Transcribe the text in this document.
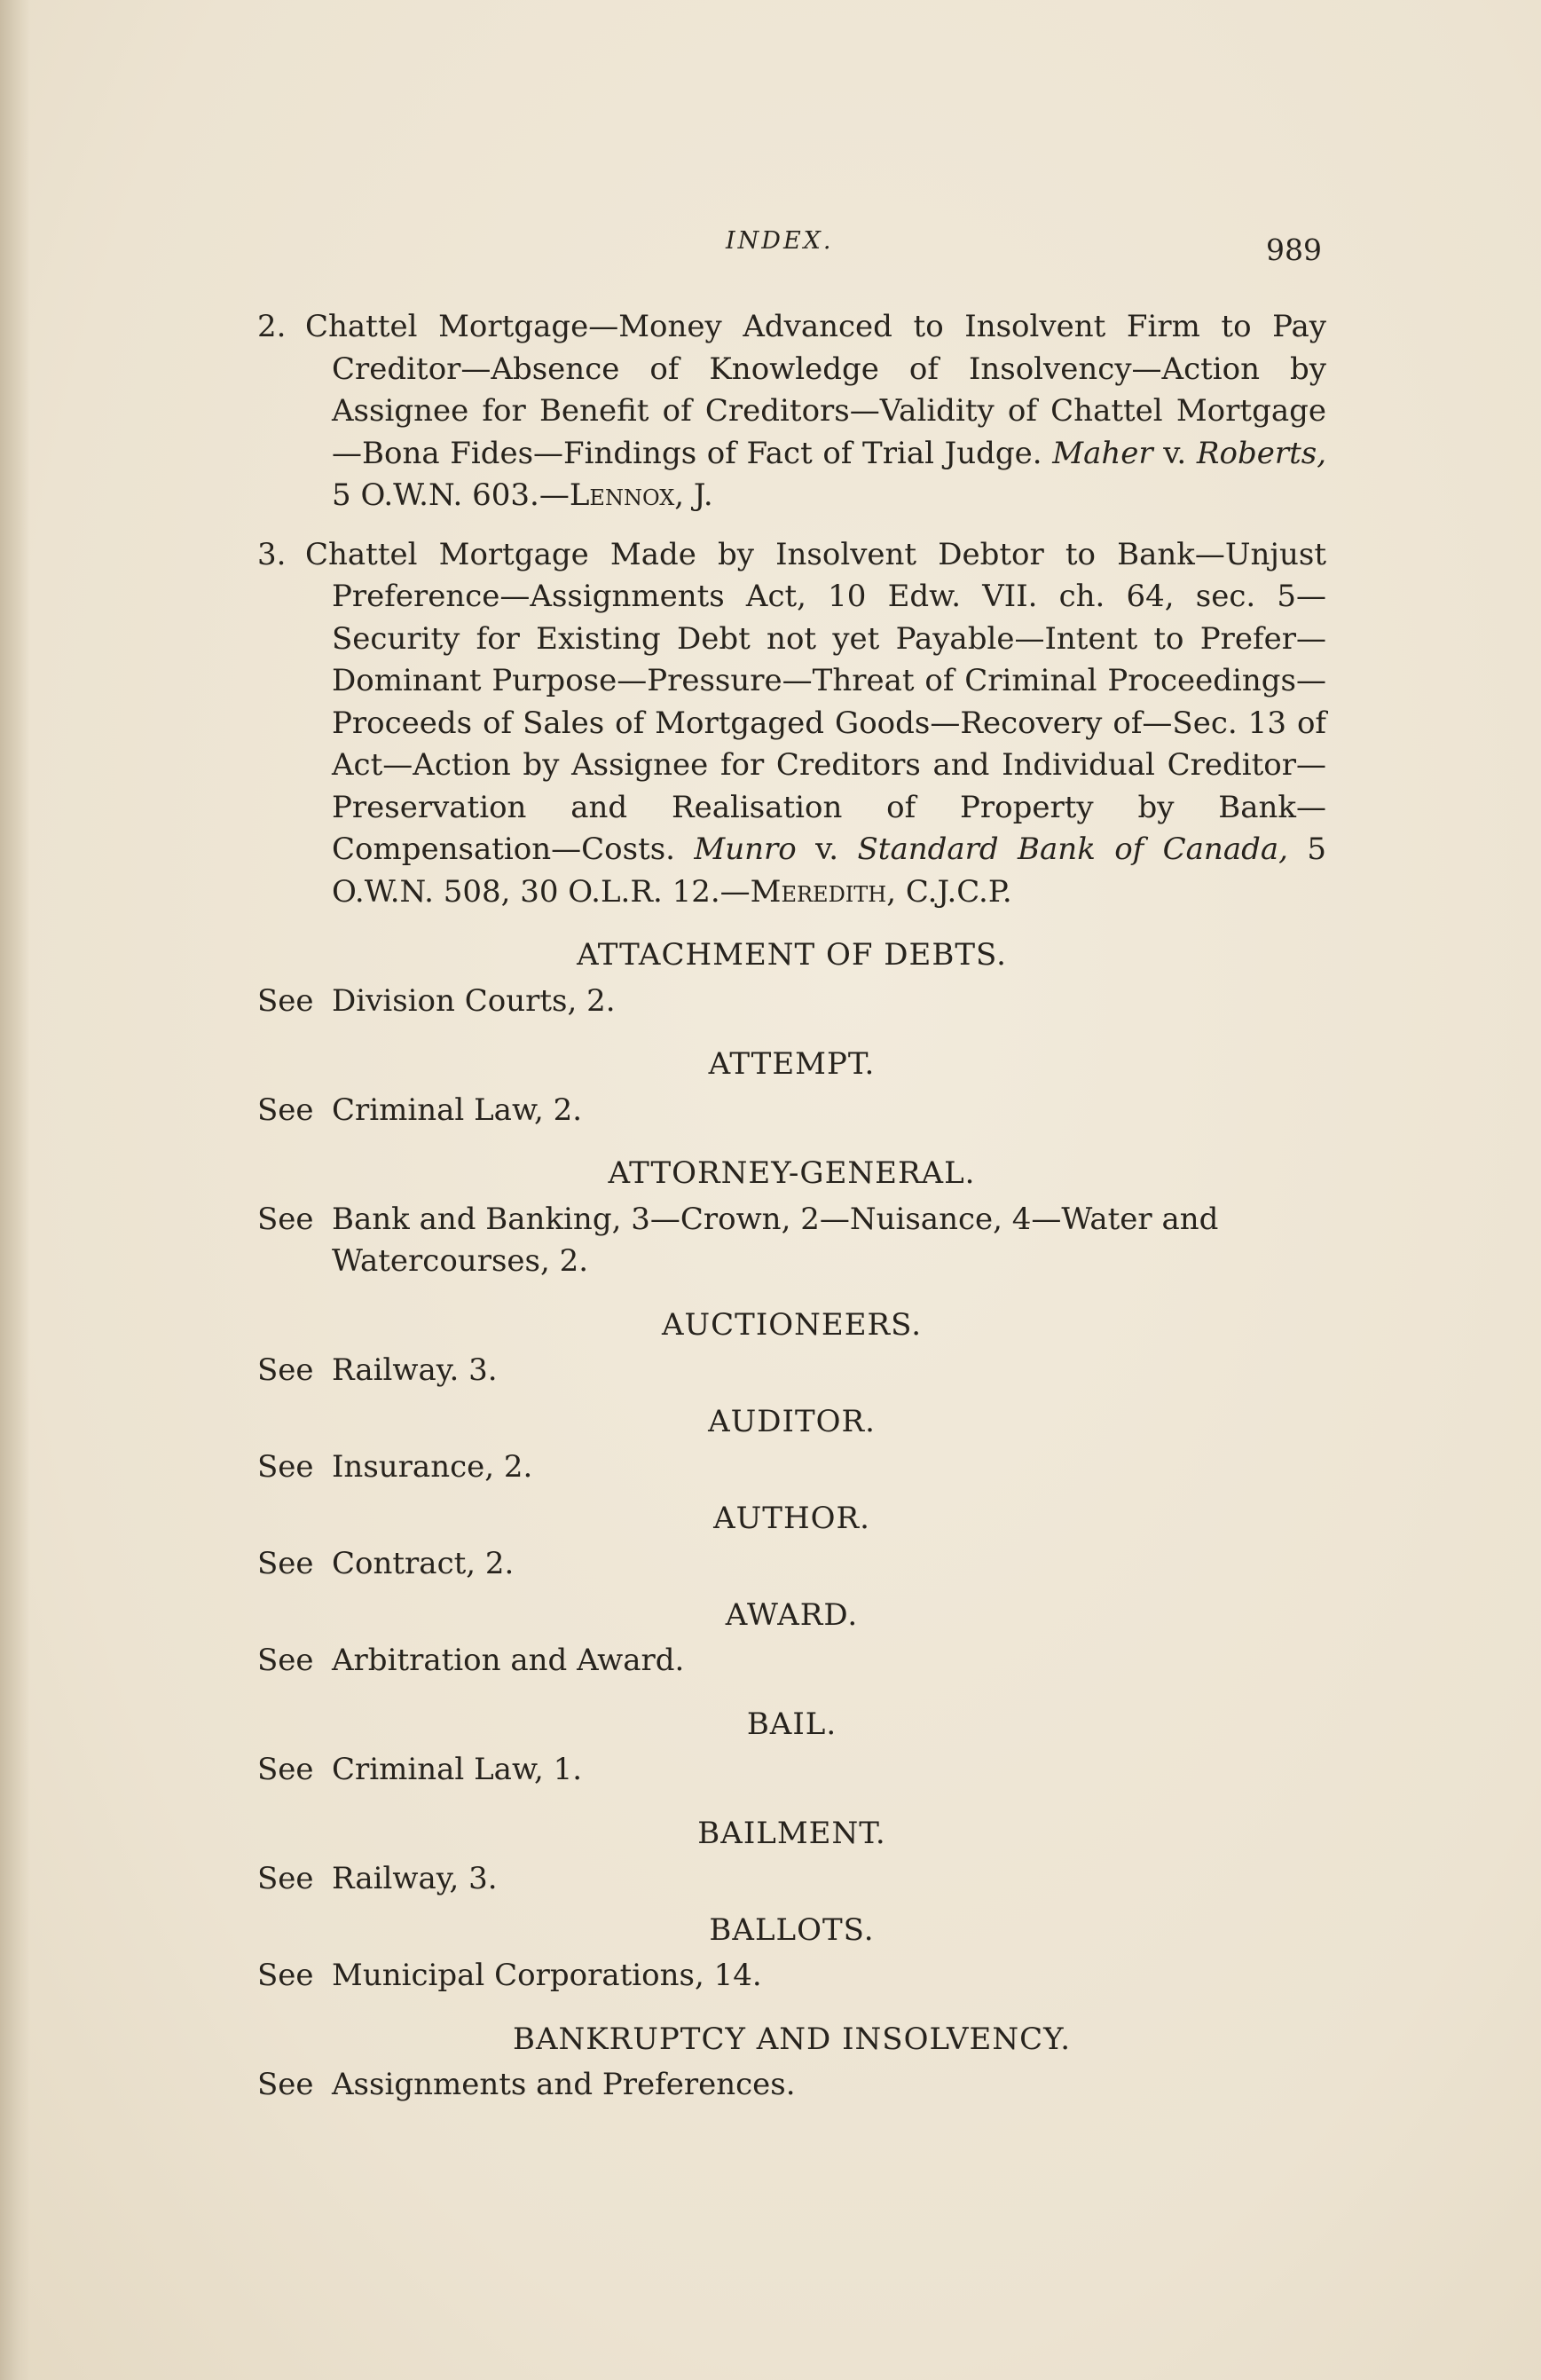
INDEX.	989

2. Chattel Mortgage—Money Advanced to Insolvent Firm to Pay Creditor—Absence of Knowledge of Insolvency—Action by Assignee for Benefit of Creditors—Validity of Chattel Mortgage—Bona Fides—Findings of Fact of Trial Judge. Maher v. Roberts, 5 O.W.N. 603.—Lennox, J.

3. Chattel Mortgage Made by Insolvent Debtor to Bank—Unjust Preference—Assignments Act, 10 Edw. VII. ch. 64, sec. 5—Security for Existing Debt not yet Payable—Intent to Prefer—Dominant Purpose—Pressure—Threat of Criminal Proceedings—Proceeds of Sales of Mortgaged Goods—Recovery of—Sec. 13 of Act—Action by Assignee for Creditors and Individual Creditor—Preservation and Realisation of Property by Bank—Compensation—Costs. Munro v. Standard Bank of Canada, 5 O.W.N. 508, 30 O.L.R. 12.—Meredith, C.J.C.P.

ATTACHMENT OF DEBTS.

See Division Courts, 2.

ATTEMPT.

See Criminal Law, 2.

ATTORNEY-GENERAL.

See Bank and Banking, 3—Crown, 2—Nuisance, 4—Water and Watercourses, 2.

AUCTIONEERS.

See Railway. 3.

AUDITOR.

See Insurance, 2.

AUTHOR.

See Contract, 2.

AWARD.

See Arbitration and Award.

BAIL.

See Criminal Law, 1.

BAILMENT.

See Railway, 3.

BALLOTS.

See Municipal Corporations, 14.

BANKRUPTCY AND INSOLVENCY.

See Assignments and Preferences.
